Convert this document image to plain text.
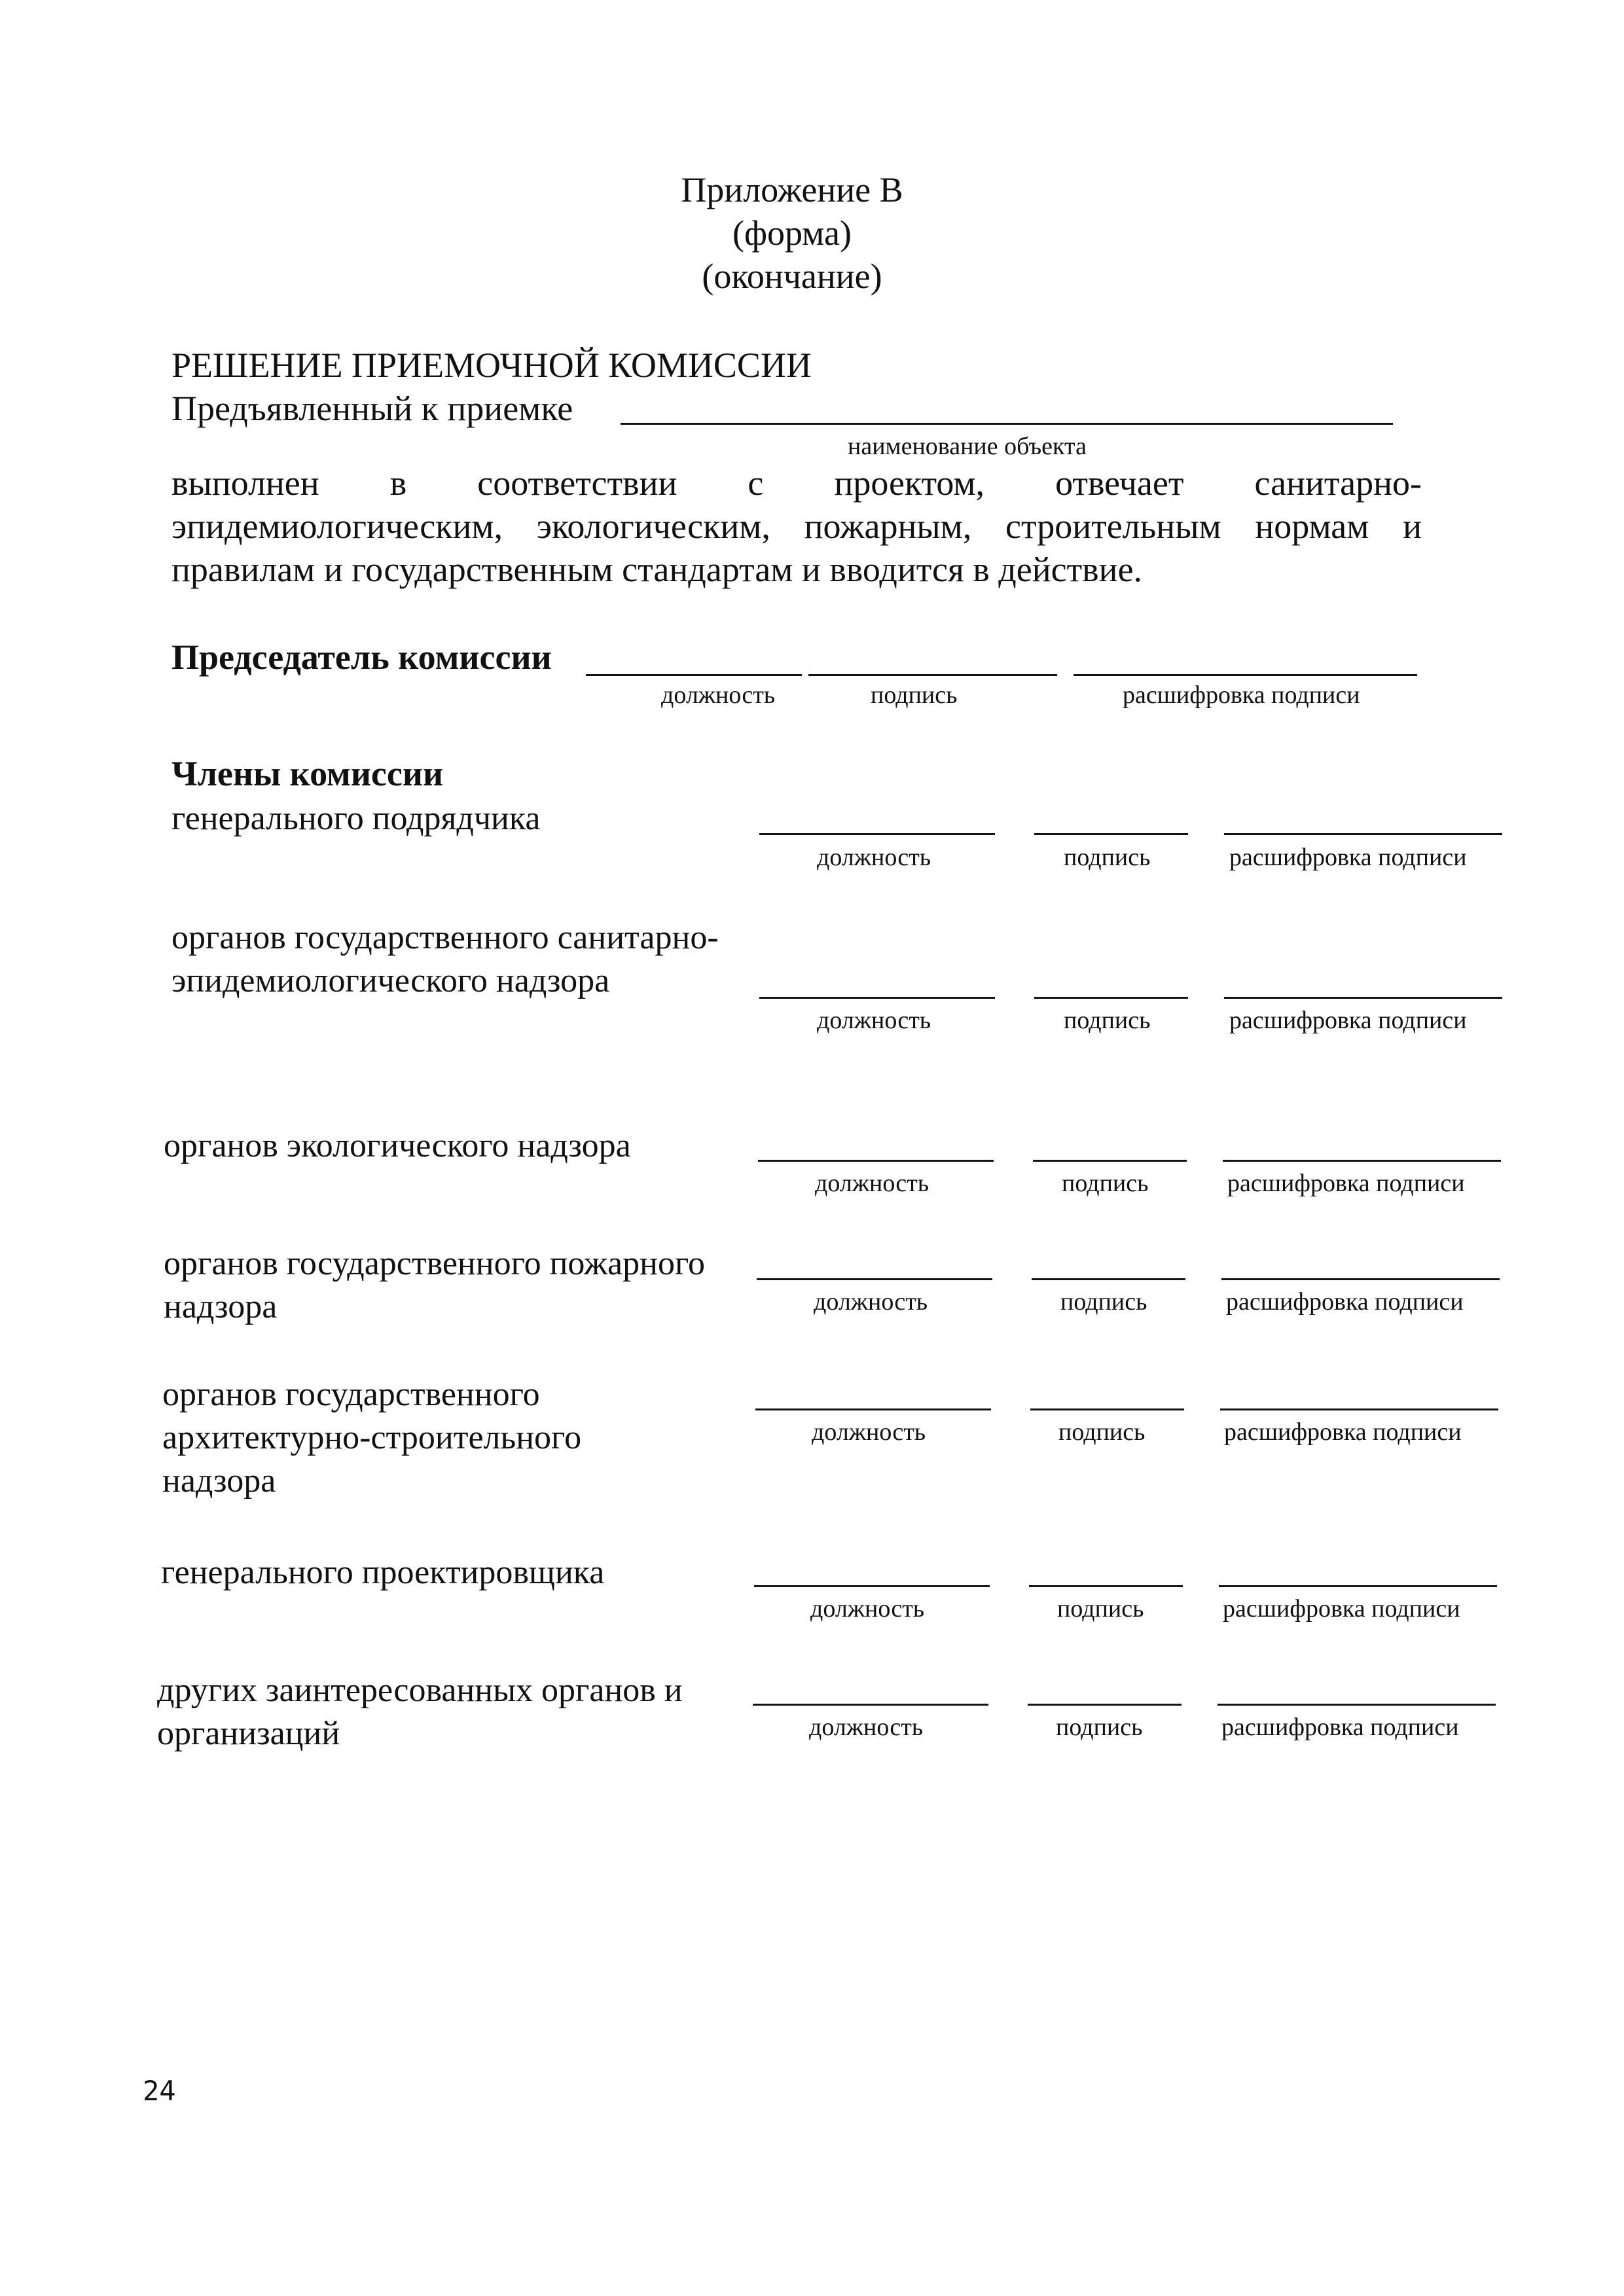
Приложение В
(форма)
(окончание)
РЕШЕНИЕ ПРИЕМОЧНОЙ КОМИССИИ
Предъявленный к приемке
наименование объекта
выполнен в соответствии с проектом, отвечает санитарно-
эпидемиологическим, экологическим, пожарным, строительным нормам и
правилам и государственным стандартам и вводится в действие.
Председатель комиссии
должность	подпись	расшифровка подписи
Члены комиссии
генерального подрядчика
должность	подпись	расшифровка подписи
органов государственного санитарно-эпидемиологического надзора
должность	подпись	расшифровка подписи
органов экологического надзора
должность	подпись	расшифровка подписи
органов государственного пожарного надзора	должность	подпись	расшифровка подписи
органов государственного архитектурно-строительного надзора
должность	подпись	расшифровка подписи
генерального проектировщика
должность	подпись	расшифровка подписи
других заинтересованных органов и организаций	должность	подпись	расшифровка подписи
24
